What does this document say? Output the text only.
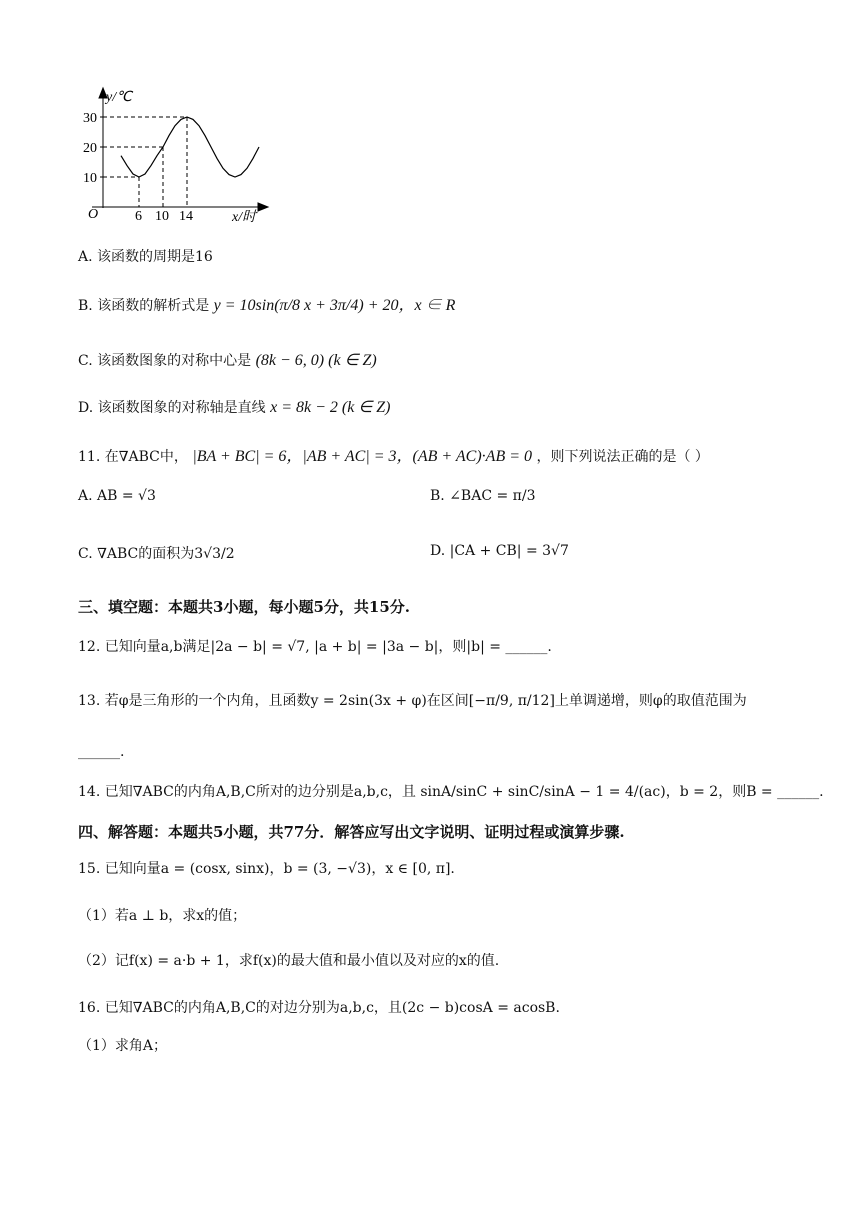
10
20
30
6 10 14
y/℃
x/时
O
A. 该函数的周期是16
B. 该函数的解析式是 y = 10sin(π/8 x + 3π/4) + 20，x ∈ R
C. 该函数图象的对称中心是 (8k − 6, 0) (k ∈ Z)
D. 该函数图象的对称轴是直线 x = 8k − 2 (k ∈ Z)
11. 在∇ABC中， |BA + BC| = 6，|AB + AC| = 3，(AB + AC)·AB = 0 ，则下列说法正确的是（ ）
A. AB = √3	B. ∠BAC = π/3
C. ∇ABC的面积为3√3/2	D. |CA + CB| = 3√7
三、填空题：本题共3小题，每小题5分，共15分.
12. 已知向量a,b满足|2a − b| = √7, |a + b| = |3a − b|，则|b| = ______.
13. 若φ是三角形的一个内角，且函数y = 2sin(3x + φ)在区间[−π/9, π/12]上单调递增，则φ的取值范围为
______.
14. 已知∇ABC的内角A,B,C所对的边分别是a,b,c，且 sinA/sinC + sinC/sinA − 1 = 4/(ac)，b = 2，则B = ______.
四、解答题：本题共5小题，共77分．解答应写出文字说明、证明过程或演算步骤.
15. 已知向量a = (cosx, sinx)，b = (3, −√3)，x ∈ [0, π].
（1）若a ⊥ b，求x的值；
（2）记f(x) = a·b + 1，求f(x)的最大值和最小值以及对应的x的值.
16. 已知∇ABC的内角A,B,C的对边分别为a,b,c，且(2c − b)cosA = acosB.
（1）求角A；
